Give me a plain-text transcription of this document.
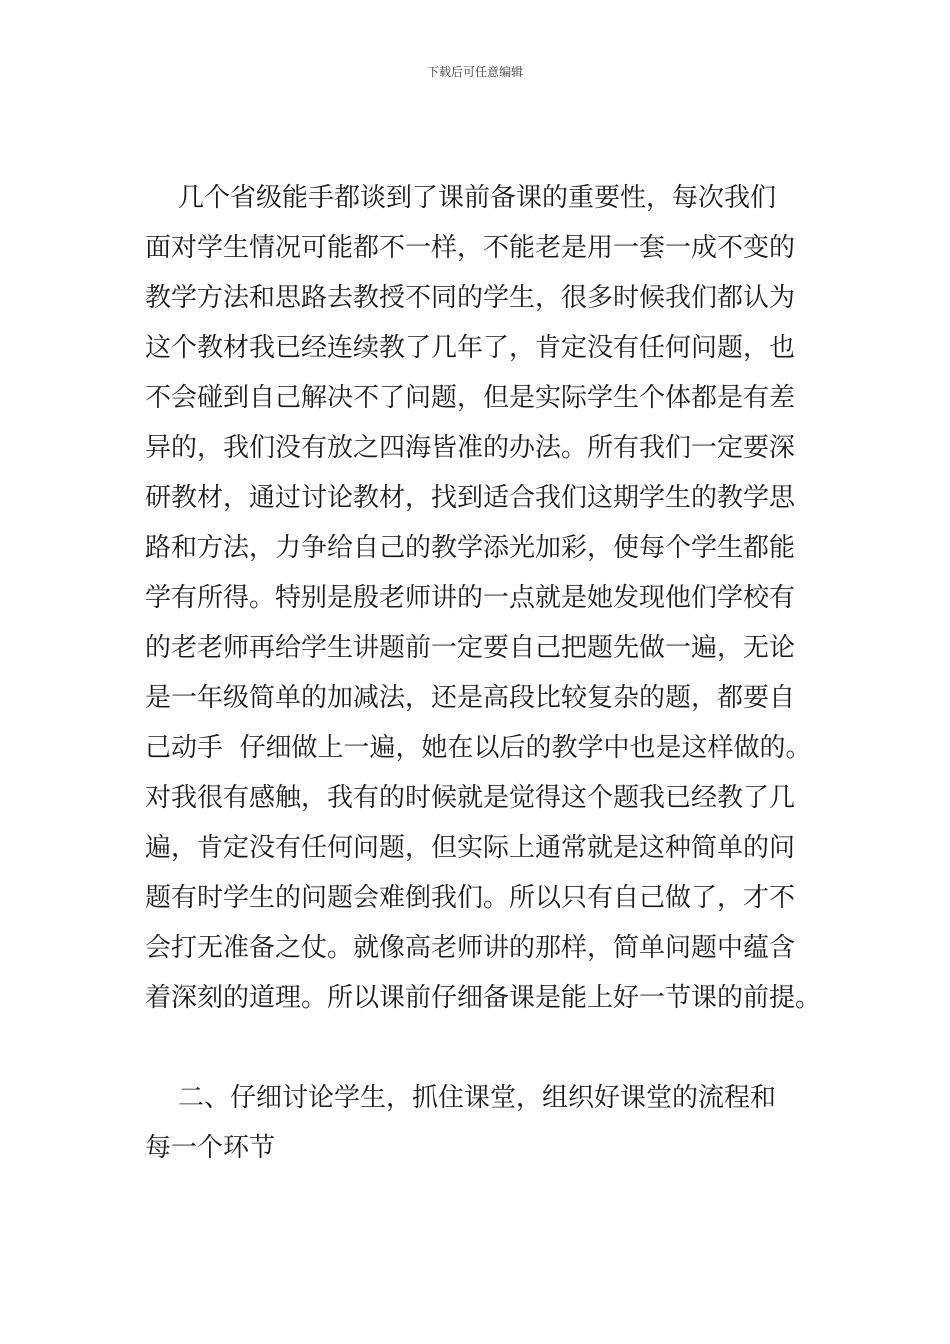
下载后可任意编辑
几个省级能手都谈到了课前备课的重要性，每次我们
面对学生情况可能都不一样，不能老是用一套一成不变的
教学方法和思路去教授不同的学生，很多时候我们都认为
这个教材我已经连续教了几年了，肯定没有任何问题，也
不会碰到自己解决不了问题，但是实际学生个体都是有差
异的，我们没有放之四海皆准的办法。所有我们一定要深
研教材，通过讨论教材，找到适合我们这期学生的教学思
路和方法，力争给自己的教学添光加彩，使每个学生都能
学有所得。特别是殷老师讲的一点就是她发现他们学校有
的老老师再给学生讲题前一定要自己把题先做一遍，无论
是一年级简单的加减法，还是高段比较复杂的题，都要自
己动手  仔细做上一遍，她在以后的教学中也是这样做的。
对我很有感触，我有的时候就是觉得这个题我已经教了几
遍，肯定没有任何问题，但实际上通常就是这种简单的问
题有时学生的问题会难倒我们。所以只有自己做了，才不
会打无准备之仗。就像高老师讲的那样，简单问题中蕴含
着深刻的道理。所以课前仔细备课是能上好一节课的前提。
二、仔细讨论学生，抓住课堂，组织好课堂的流程和
每一个环节
